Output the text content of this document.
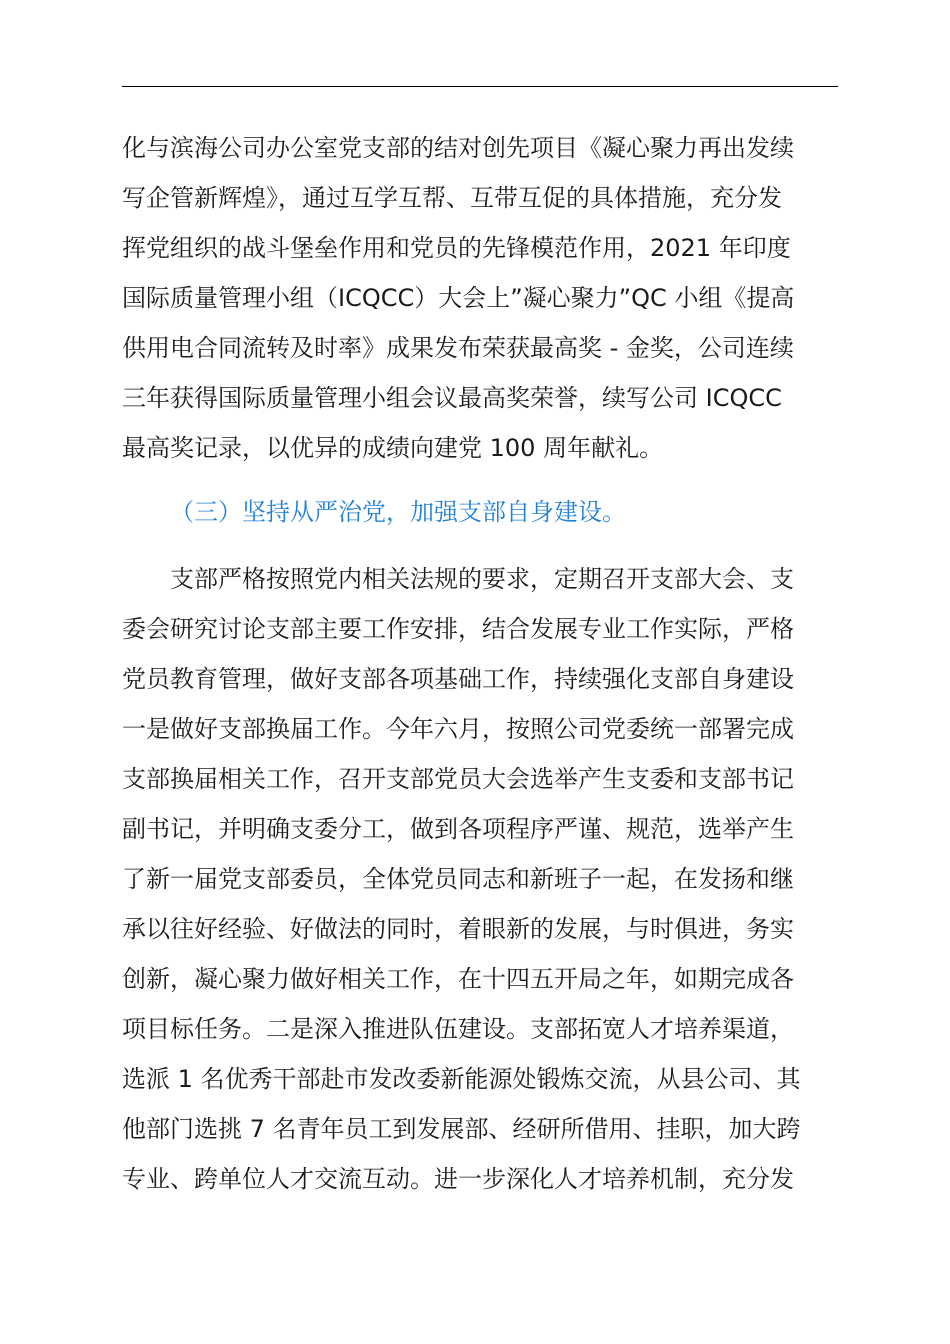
化与滨海公司办公室党支部的结对创先项目《凝心聚力再出发续
写企管新辉煌》，通过互学互帮、互带互促的具体措施，充分发
挥党组织的战斗堡垒作用和党员的先锋模范作用，2021 年印度
国际质量管理小组（ICQCC）大会上”凝心聚力”QC 小组《提高
供用电合同流转及时率》成果发布荣获最高奖 - 金奖，公司连续
三年获得国际质量管理小组会议最高奖荣誉，续写公司 ICQCC
最高奖记录，以优异的成绩向建党 100 周年献礼。
（三）坚持从严治党，加强支部自身建设。
　　支部严格按照党内相关法规的要求，定期召开支部大会、支
委会研究讨论支部主要工作安排，结合发展专业工作实际，严格
党员教育管理，做好支部各项基础工作，持续强化支部自身建设
一是做好支部换届工作。今年六月，按照公司党委统一部署完成
支部换届相关工作，召开支部党员大会选举产生支委和支部书记
副书记，并明确支委分工，做到各项程序严谨、规范，选举产生
了新一届党支部委员，全体党员同志和新班子一起，在发扬和继
承以往好经验、好做法的同时，着眼新的发展，与时俱进，务实
创新，凝心聚力做好相关工作，在十四五开局之年，如期完成各
项目标任务。二是深入推进队伍建设。支部拓宽人才培养渠道，
选派 1 名优秀干部赴市发改委新能源处锻炼交流，从县公司、其
他部门选挑 7 名青年员工到发展部、经研所借用、挂职，加大跨
专业、跨单位人才交流互动。进一步深化人才培养机制，充分发
